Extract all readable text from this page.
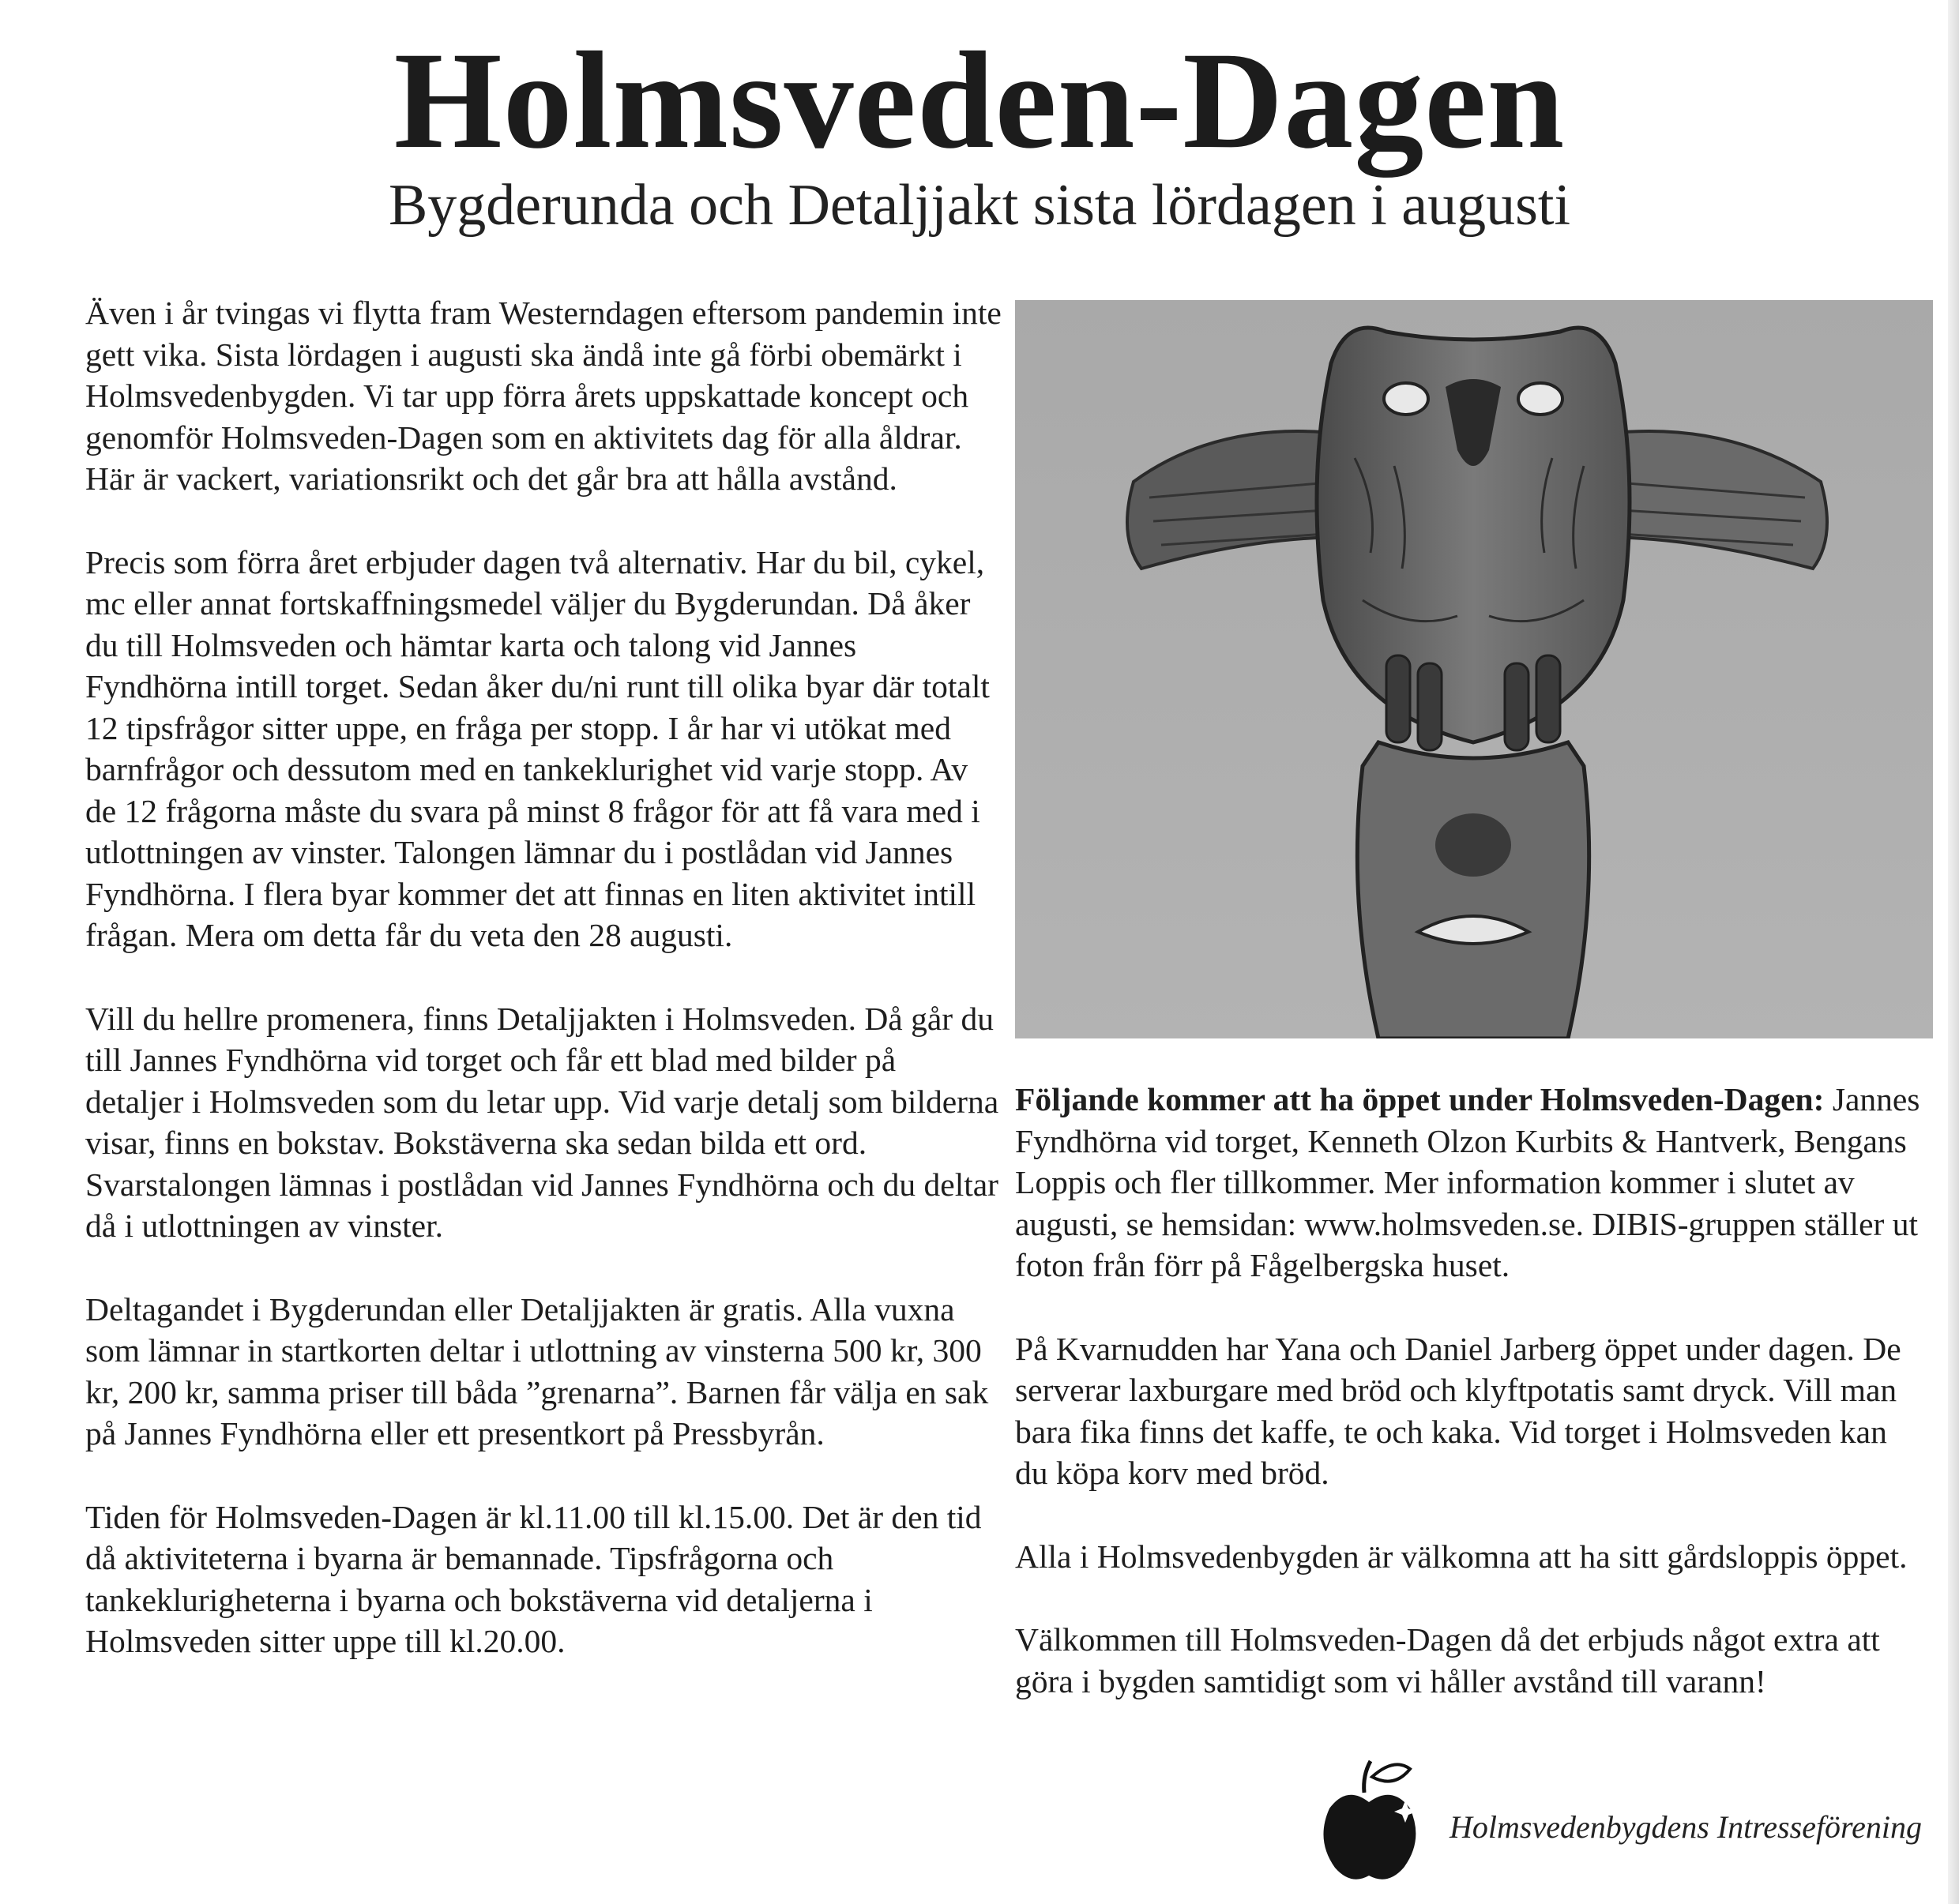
Holmsveden-Dagen
Bygderunda och Detaljjakt sista lördagen i augusti

Även i år tvingas vi flytta fram Westerndagen eftersom pandemin inte gett vika. Sista lördagen i augusti ska ändå inte gå förbi obemärkt i Holmsvedenbygden. Vi tar upp förra årets uppskattade koncept och genomför Holmsveden-Dagen som en aktivitets dag för alla åldrar. Här är vackert, variationsrikt och det går bra att hålla avstånd.

Precis som förra året erbjuder dagen två alternativ. Har du bil, cykel, mc eller annat fortskaffningsmedel väljer du Bygderundan. Då åker du till Holmsveden och hämtar karta och talong vid Jannes Fyndhörna intill torget. Sedan åker du/ni runt till olika byar där totalt 12 tipsfrågor sitter uppe, en fråga per stopp. I år har vi utökat med barnfrågor och dessutom med en tankeklurighet vid varje stopp. Av de 12 frågorna måste du svara på minst 8 frågor för att få vara med i utlottningen av vinster. Talongen lämnar du i postlådan vid Jannes Fyndhörna. I flera byar kommer det att finnas en liten aktivitet intill frågan. Mera om detta får du veta den 28 augusti.

Vill du hellre promenera, finns Detaljjakten i Holmsveden. Då går du till Jannes Fyndhörna vid torget och får ett blad med bilder på detaljer i Holmsveden som du letar upp. Vid varje detalj som bilderna visar, finns en bokstav. Bokstäverna ska sedan bilda ett ord. Svarstalongen lämnas i postlådan vid Jannes Fyndhörna och du deltar då i utlottningen av vinster.

Deltagandet i Bygderundan eller Detaljjakten är gratis. Alla vuxna som lämnar in startkorten deltar i utlottning av vinsterna 500 kr, 300 kr, 200 kr, samma priser till båda ”grenarna”. Barnen får välja en sak på Jannes Fyndhörna eller ett presentkort på Pressbyrån.

Tiden för Holmsveden-Dagen är kl.11.00 till kl.15.00. Det är den tid då aktiviteterna i byarna är bemannade. Tipsfrågorna och tankeklurigheterna i byarna och bokstäverna vid detaljerna i Holmsveden sitter uppe till kl.20.00.

Följande kommer att ha öppet under Holmsveden-Dagen: Jannes Fyndhörna vid torget, Kenneth Olzon Kurbits & Hantverk, Bengans Loppis och fler tillkommer. Mer information kommer i slutet av augusti, se hemsidan: www.holmsveden.se. DIBIS-gruppen ställer ut foton från förr på Fågelbergska huset.

På Kvarnudden har Yana och Daniel Jarberg öppet under dagen. De serverar laxburgare med bröd och klyftpotatis samt dryck. Vill man bara fika finns det kaffe, te och kaka. Vid torget i Holmsveden kan du köpa korv med bröd.

Alla i Holmsvedenbygden är välkomna att ha sitt gårdsloppis öppet.

Välkommen till Holmsveden-Dagen då det erbjuds något extra att göra i bygden samtidigt som vi håller avstånd till varann!

Holmsvedenbygdens Intresseförening
